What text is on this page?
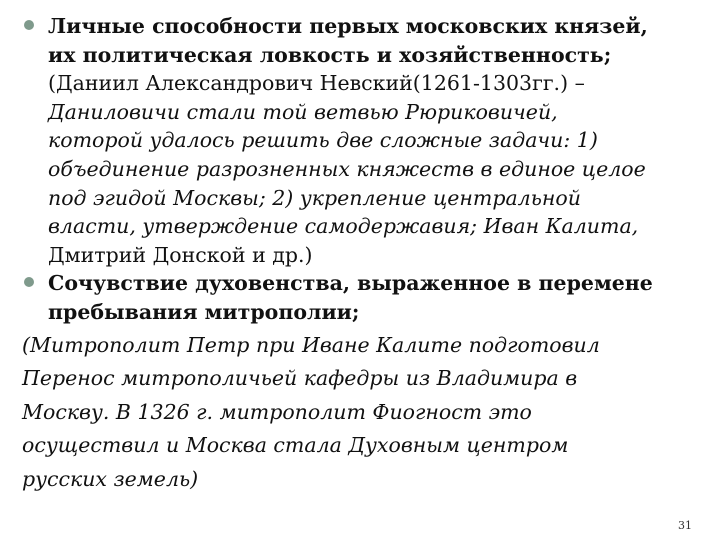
Личные способности первых московских князей,
их политическая ловкость и хозяйственность;
(Даниил Александрович Невский(1261-1303гг.) –
Даниловичи стали той ветвью Рюриковичей,
которой удалось решить две сложные задачи: 1)
объединение разрозненных княжеств в единое целое
под эгидой Москвы; 2) укрепление центральной
власти, утверждение самодержавия; Иван Калита,
Дмитрий Донской и др.)
Сочувствие духовенства, выраженное в перемене
пребывания митрополии;
(Митрополит Петр при Иване Калите подготовил
Перенос митрополичьей кафедры из Владимира в
Москву. В 1326 г. митрополит Фиогност это
осуществил и Москва стала Духовным центром
русских земель)
31
